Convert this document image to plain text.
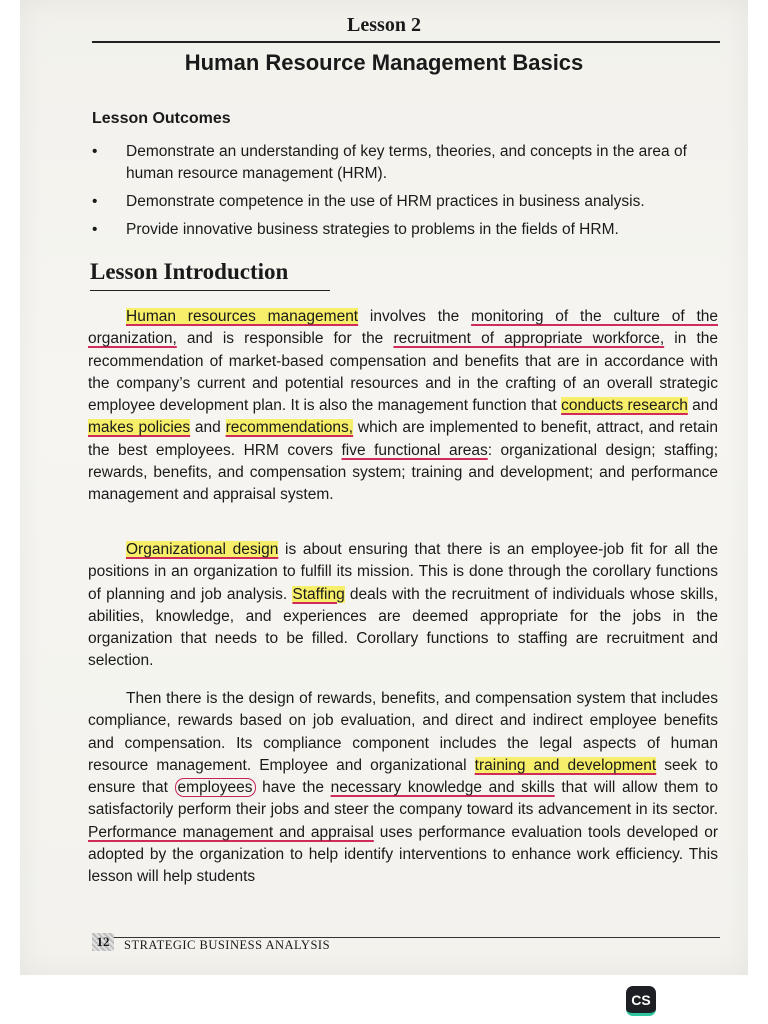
Lesson 2
Human Resource Management Basics
Lesson Outcomes
• Demonstrate an understanding of key terms, theories, and concepts in the area of human resource management (HRM).
• Demonstrate competence in the use of HRM practices in business analysis.
• Provide innovative business strategies to problems in the fields of HRM.
Lesson Introduction

Human resources management involves the monitoring of the culture of the organization, and is responsible for the recruitment of appropriate workforce, in the recommendation of market-based compensation and benefits that are in accordance with the company’s current and potential resources and in the crafting of an overall strategic employee development plan. It is also the management function that conducts research and makes policies and recommendations, which are implemented to benefit, attract, and retain the best employees. HRM covers five functional areas: organizational design; staffing; rewards, benefits, and compensation system; training and development; and performance management and appraisal system.

Organizational design is about ensuring that there is an employee-job fit for all the positions in an organization to fulfill its mission. This is done through the corollary functions of planning and job analysis. Staffing deals with the recruitment of individuals whose skills, abilities, knowledge, and experiences are deemed appropriate for the jobs in the organization that needs to be filled. Corollary functions to staffing are recruitment and selection.

Then there is the design of rewards, benefits, and compensation system that includes compliance, rewards based on job evaluation, and direct and indirect employee benefits and compensation. Its compliance component includes the legal aspects of human resource management. Employee and organizational training and development seek to ensure that employees have the necessary knowledge and skills that will allow them to satisfactorily perform their jobs and steer the company toward its advancement in its sector. Performance management and appraisal uses performance evaluation tools developed or adopted by the organization to help identify interventions to enhance work efficiency. This lesson will help students

12	STRATEGIC BUSINESS ANALYSIS
CS
